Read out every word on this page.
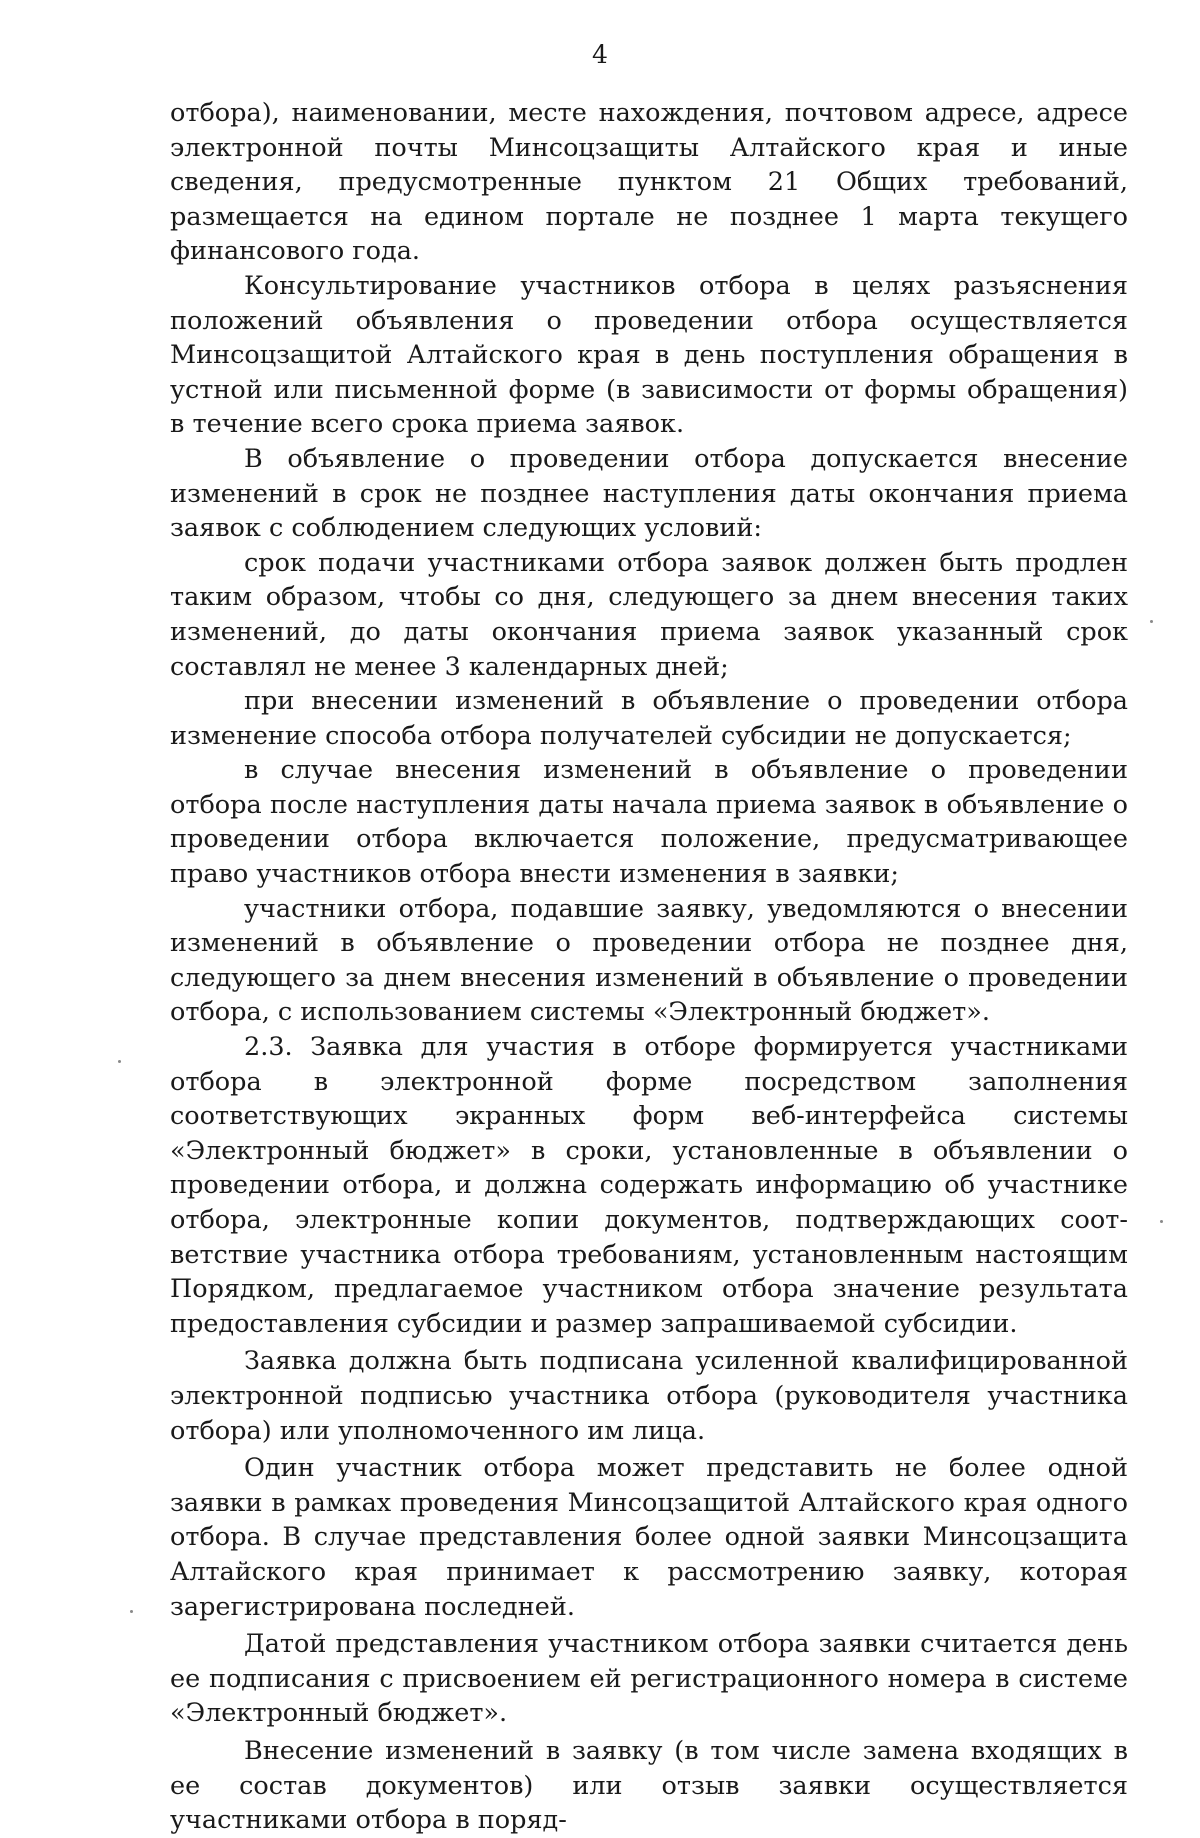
4

отбора), наименовании, месте нахождения, почтовом адресе, адресе электронной почты Минсоцзащиты Алтайского края и иные сведения, предусмотренные пунктом 21 Общих требований, размещается на едином портале не позднее 1 марта текущего финансового года.

Консультирование участников отбора в целях разъяснения положений объявления о проведении отбора осуществляется Минсоцзащитой Алтайского края в день поступления обращения в устной или письменной форме (в зависимости от формы обращения) в течение всего срока приема заявок.

В объявление о проведении отбора допускается внесение изменений в срок не позднее наступления даты окончания приема заявок с соблюдением следующих условий:

срок подачи участниками отбора заявок должен быть продлен таким образом, чтобы со дня, следующего за днем внесения таких изменений, до даты окончания приема заявок указанный срок составлял не менее 3 календарных дней;

при внесении изменений в объявление о проведении отбора изменение способа отбора получателей субсидии не допускается;

в случае внесения изменений в объявление о проведении отбора после наступления даты начала приема заявок в объявление о проведении отбора включается положение, предусматривающее право участников отбора внести изменения в заявки;

участники отбора, подавшие заявку, уведомляются о внесении изменений в объявление о проведении отбора не позднее дня, следующего за днем внесения изменений в объявление о проведении отбора, с использованием системы «Электронный бюджет».

2.3. Заявка для участия в отборе формируется участниками отбора в электронной форме посредством заполнения соответствующих экранных форм веб-интерфейса системы «Электронный бюджет» в сроки, установленные в объявлении о проведении отбора, и должна содержать информацию об участнике отбора, электронные копии документов, подтверждающих соответствие участника отбора требованиям, установленным настоящим Порядком, предлагаемое участником отбора значение результата предоставления субсидии и размер запрашиваемой субсидии.

Заявка должна быть подписана усиленной квалифицированной электронной подписью участника отбора (руководителя участника отбора) или уполномоченного им лица.

Один участник отбора может представить не более одной заявки в рамках проведения Минсоцзащитой Алтайского края одного отбора. В случае представления более одной заявки Минсоцзащита Алтайского края принимает к рассмотрению заявку, которая зарегистрирована последней.

Датой представления участником отбора заявки считается день ее подписания с присвоением ей регистрационного номера в системе «Электронный бюджет».

Внесение изменений в заявку (в том числе замена входящих в ее состав документов) или отзыв заявки осуществляется участниками отбора в поряд-
